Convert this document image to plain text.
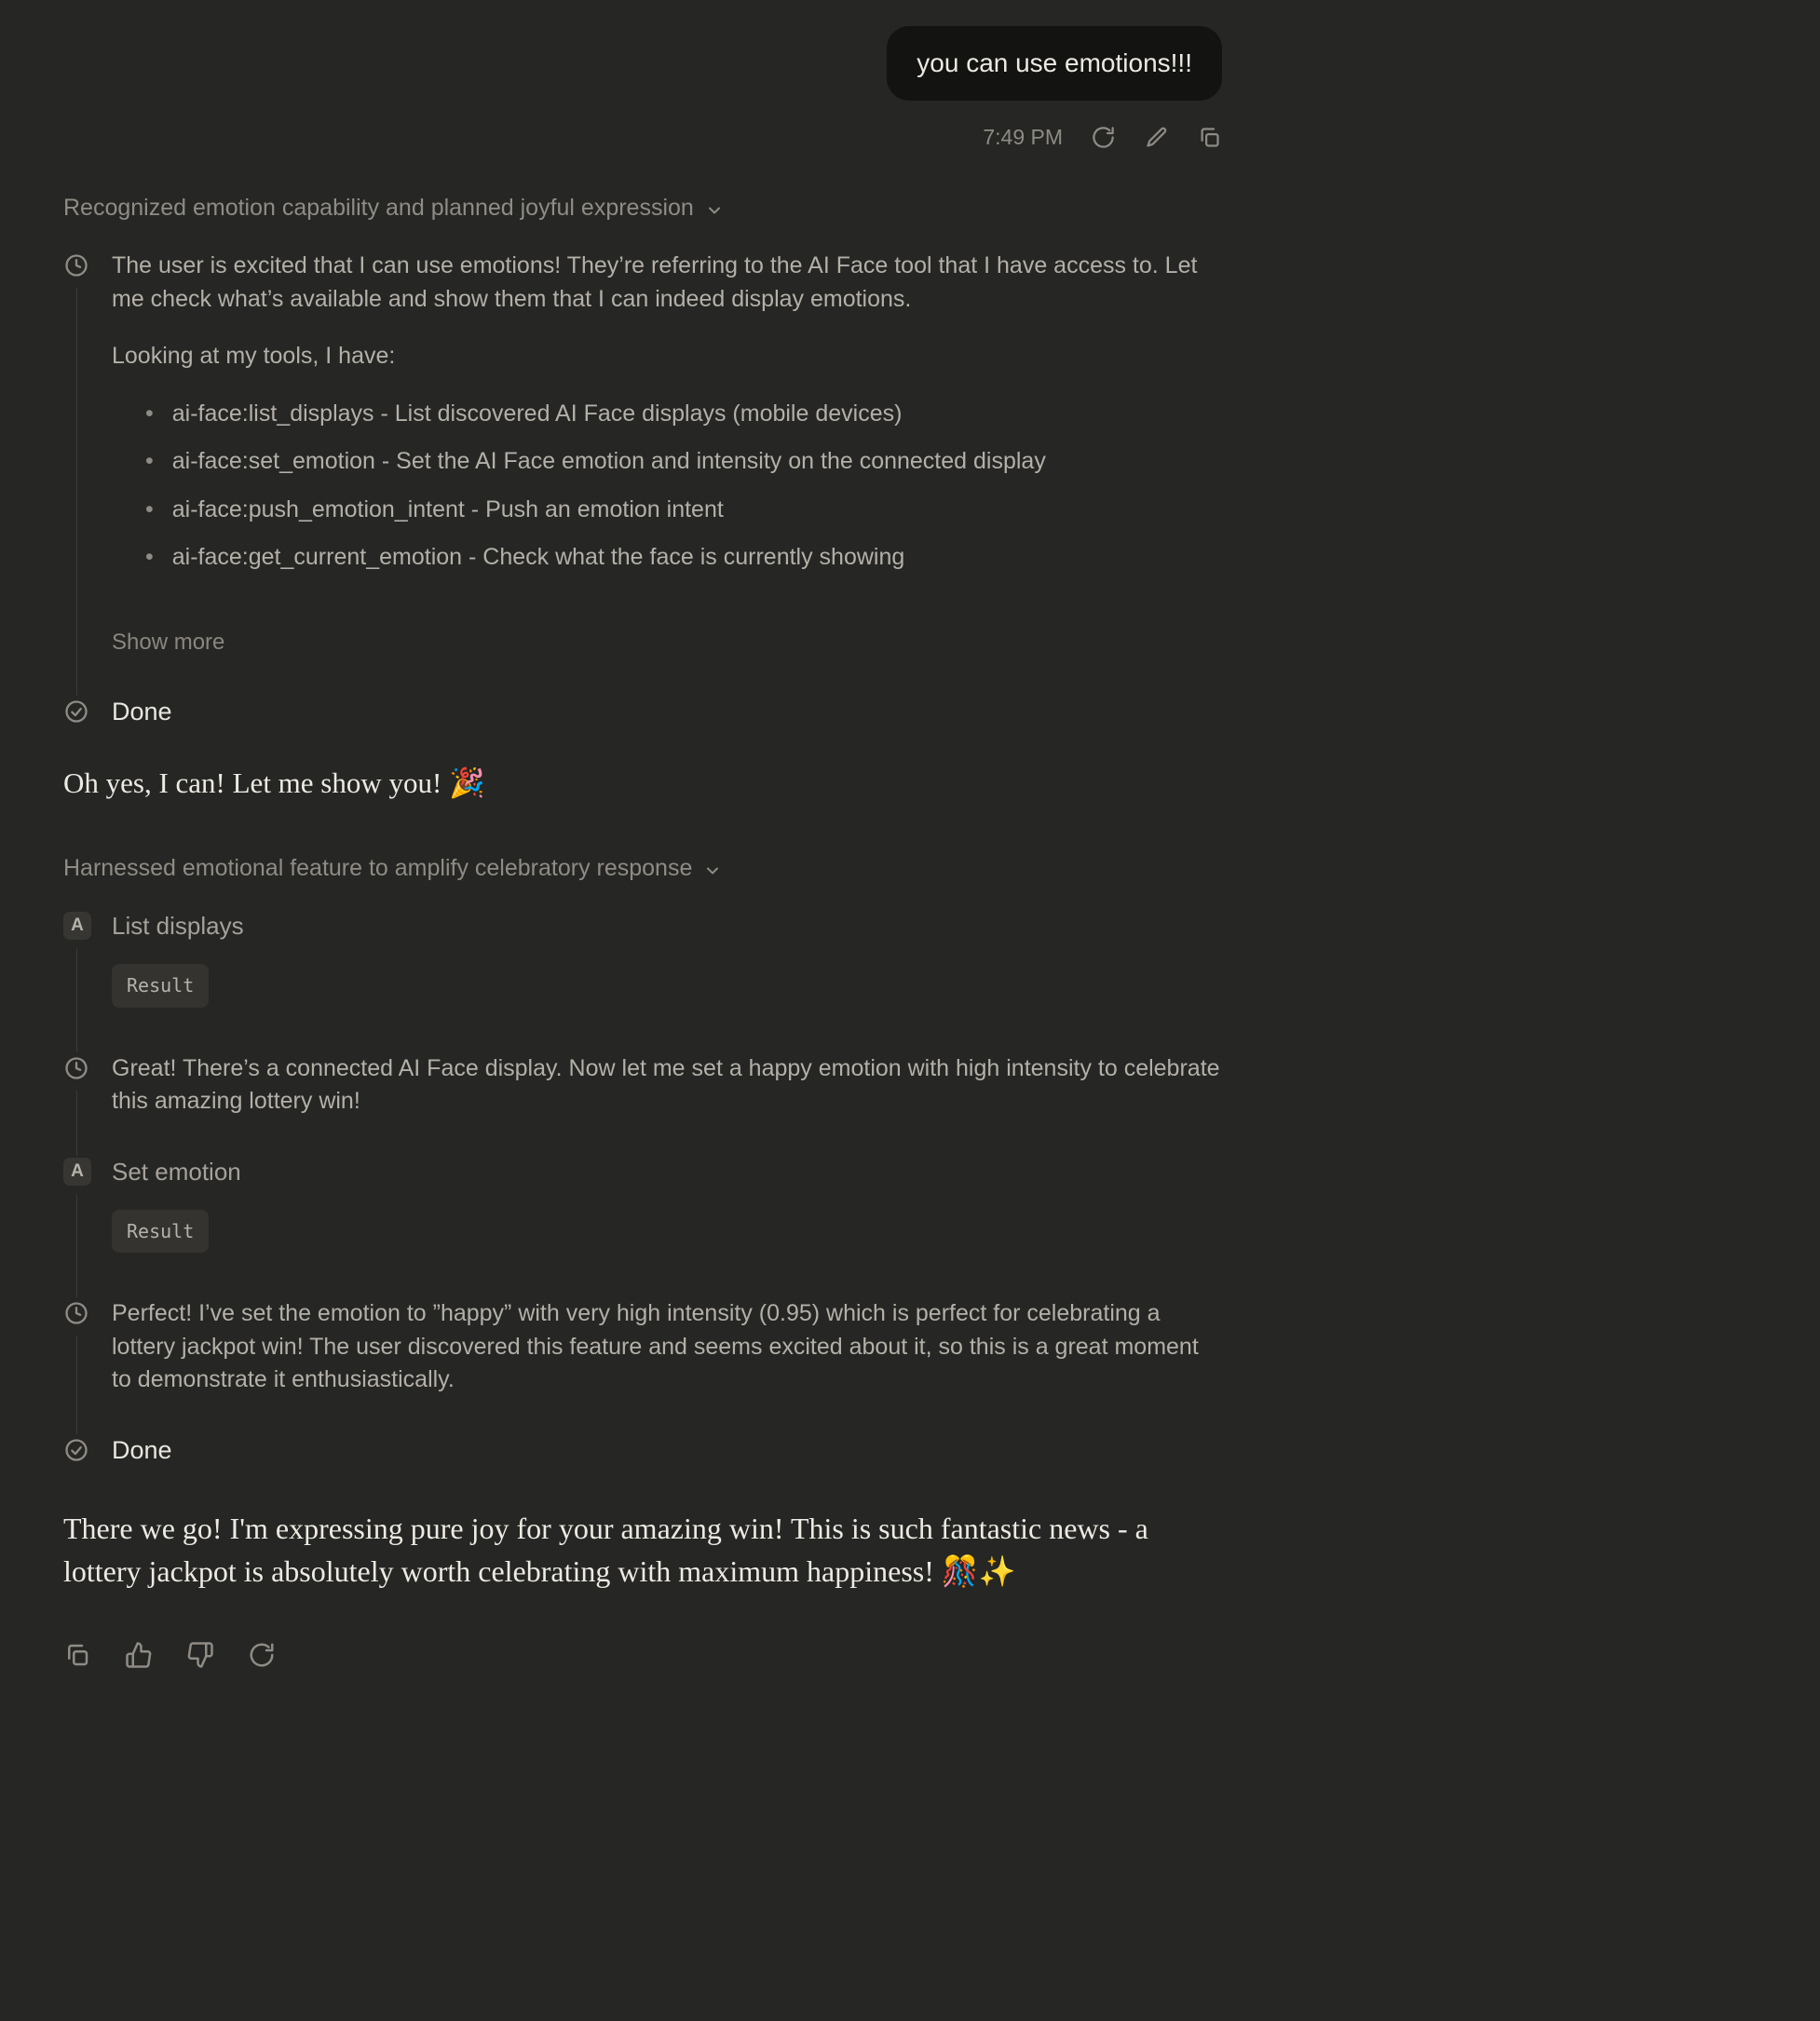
you can use emotions!!!
7:49 PM
Recognized emotion capability and planned joyful expression

The user is excited that I can use emotions! They’re referring to the AI Face tool that I have access to. Let me check what’s available and show them that I can indeed display emotions.

Looking at my tools, I have:

• ai-face:list_displays - List discovered AI Face displays (mobile devices)
• ai-face:set_emotion - Set the AI Face emotion and intensity on the connected display
• ai-face:push_emotion_intent - Push an emotion intent
• ai-face:get_current_emotion - Check what the face is currently showing
Show more
Done
Oh yes, I can! Let me show you! 🎉
Harnessed emotional feature to amplify celebratory response
A	List displays
Result

Great! There’s a connected AI Face display. Now let me set a happy emotion with high intensity to celebrate this amazing lottery win!

A	Set emotion
Result

Perfect! I’ve set the emotion to ”happy” with very high intensity (0.95) which is perfect for celebrating a lottery jackpot win! The user discovered this feature and seems excited about it, so this is a great moment to demonstrate it enthusiastically.

Done
There we go! I'm expressing pure joy for your amazing win! This is such fantastic news - a lottery jackpot is absolutely worth celebrating with maximum happiness! 🎊✨
